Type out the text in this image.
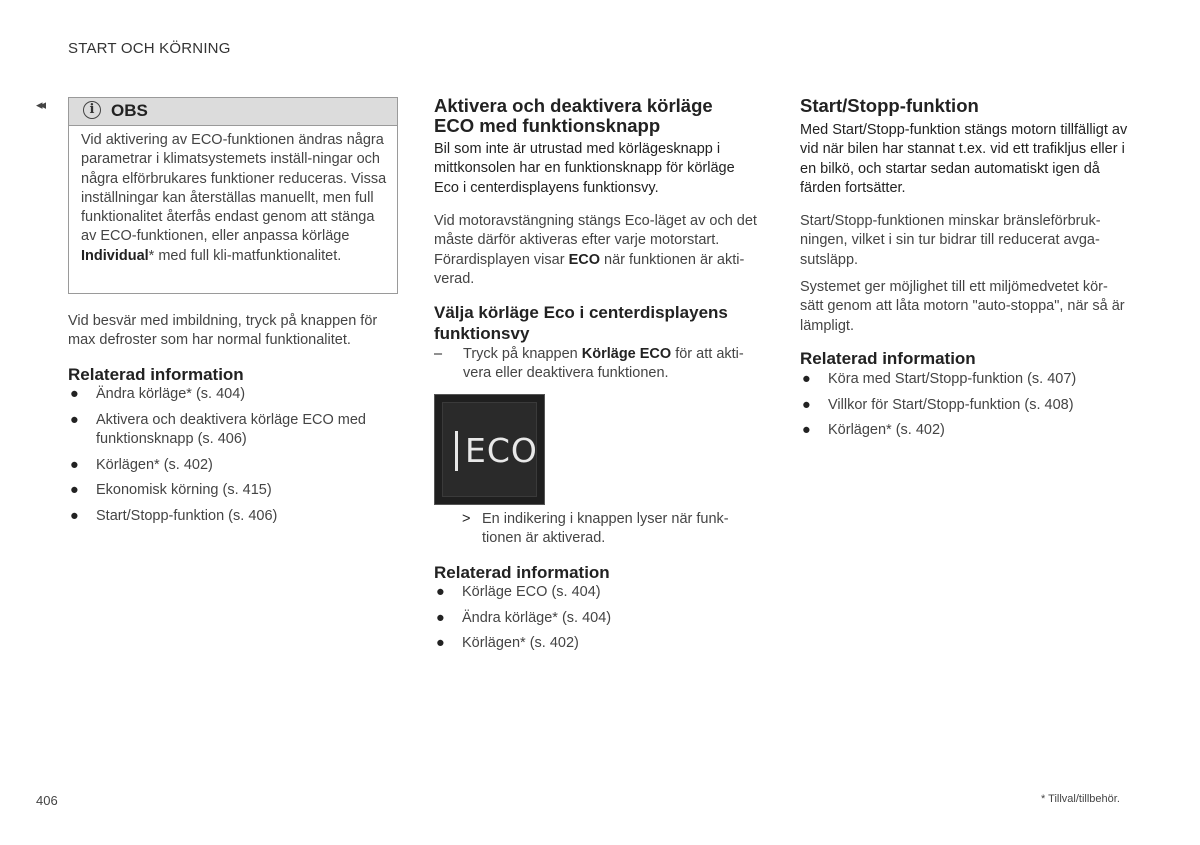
START OCH KÖRNING
◂◂	i OBS
Vid aktivering av ECO-funktionen ändras några parametrar i klimatsystemets inställ-ningar och några elförbrukares funktioner reduceras. Vissa inställningar kan återställas manuellt, men full funktionalitet återfås endast genom att stänga av ECO-funktionen, eller anpassa körläge Individual* med full kli-matfunktionalitet.

Vid besvär med imbildning, tryck på knappen för max defroster som har normal funktionalitet.

Relaterad information
● Ändra körläge* (s. 404)
● Aktivera och deaktivera körläge ECO med funktionsknapp (s. 406)
● Körlägen* (s. 402)
● Ekonomisk körning (s. 415)
● Start/Stopp-funktion (s. 406)
Aktivera och deaktivera körläge ECO med funktionsknapp

Bil som inte är utrustad med körlägesknapp i mittkonsolen har en funktionsknapp för körläge Eco i centerdisplayens funktionsvy.

Vid motoravstängning stängs Eco-läget av och det måste därför aktiveras efter varje motorstart. Förardisplayen visar ECO när funktionen är akti-verad.

Välja körläge Eco i centerdisplayens funktionsvy
– Tryck på knappen Körläge ECO för att akti-vera eller deaktivera funktionen.
ECO
> En indikering i knappen lyser när funk-tionen är aktiverad.
Relaterad information
● Körläge ECO (s. 404)
● Ändra körläge* (s. 404)
● Körlägen* (s. 402)
Start/Stopp-funktion

Med Start/Stopp-funktion stängs motorn tillfälligt av vid när bilen har stannat t.ex. vid ett trafikljus eller i en bilkö, och startar sedan automatiskt igen då färden fortsätter.

Start/Stopp-funktionen minskar bränsleförbruk-ningen, vilket i sin tur bidrar till reducerat avga-sutsläpp.

Systemet ger möjlighet till ett miljömedvetet kör-sätt genom att låta motorn "auto-stoppa", när så är lämpligt.

Relaterad information
● Köra med Start/Stopp-funktion (s. 407)
● Villkor för Start/Stopp-funktion (s. 408)
● Körlägen* (s. 402)
406	* Tillval/tillbehör.
